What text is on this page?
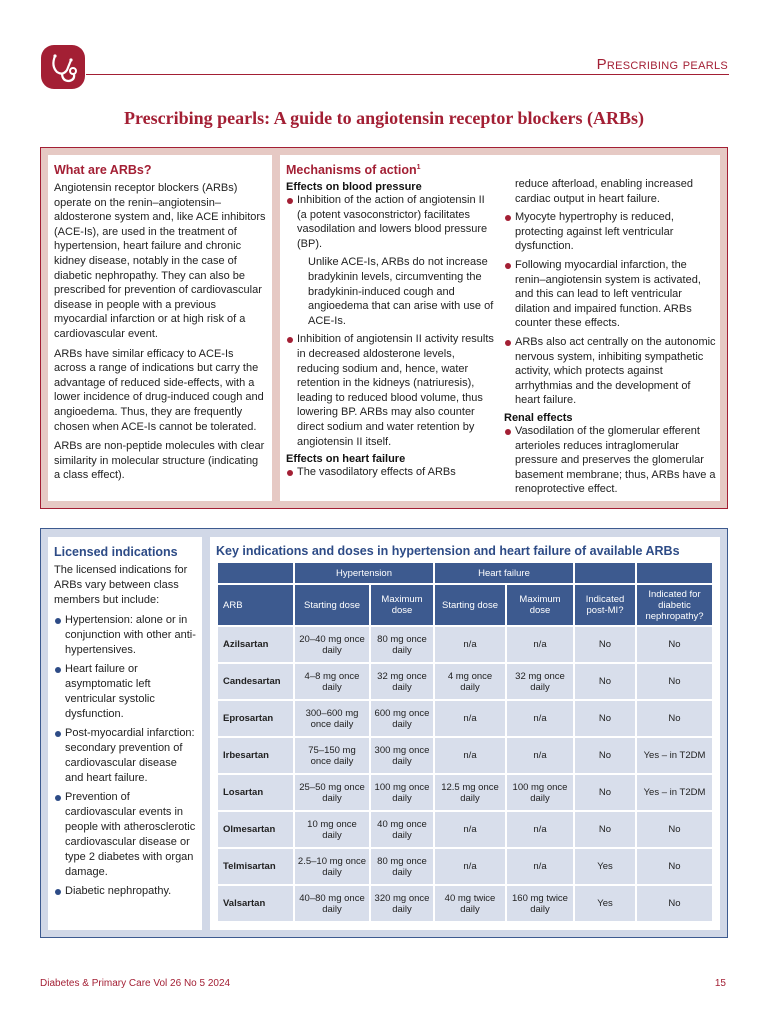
Prescribing pearls
Prescribing pearls: A guide to angiotensin receptor blockers (ARBs)

What are ARBs?

Angiotensin receptor blockers (ARBs) operate on the renin–angiotensin–aldosterone system and, like ACE inhibitors (ACE-Is), are used in the treatment of hypertension, heart failure and chronic kidney disease, notably in the case of diabetic nephropathy. They can also be prescribed for prevention of cardiovascular disease in people with a previous myocardial infarction or at high risk of a cardiovascular event.

ARBs have similar efficacy to ACE-Is across a range of indications but carry the advantage of reduced side-effects, with a lower incidence of drug-induced cough and angioedema. Thus, they are frequently chosen when ACE-Is cannot be tolerated.

ARBs are non-peptide molecules with clear similarity in molecular structure (indicating a class effect).

Mechanisms of action$^1$

Effects on blood pressure

Inhibition of the action of angiotensin II (a potent vasoconstrictor) facilitates vasodilation and lowers blood pressure (BP).

Unlike ACE-Is, ARBs do not increase bradykinin levels, circumventing the bradykinin-induced cough and angioedema that can arise with use of ACE-Is.

Inhibition of angiotensin II activity results in decreased aldosterone levels, reducing sodium and, hence, water retention in the kidneys (natriuresis), leading to reduced blood volume, thus lowering BP. ARBs may also counter direct sodium and water retention by angiotensin II itself.

Effects on heart failure

The vasodilatory effects of ARBs

reduce afterload, enabling increased cardiac output in heart failure.

Myocyte hypertrophy is reduced, protecting against left ventricular dysfunction.

Following myocardial infarction, the renin–angiotensin system is activated, and this can lead to left ventricular dilation and impaired function. ARBs counter these effects.

ARBs also act centrally on the autonomic nervous system, inhibiting sympathetic activity, which protects against arrhythmias and the development of heart failure.

Renal effects

Vasodilation of the glomerular efferent arterioles reduces intraglomerular pressure and preserves the glomerular basement membrane; thus, ARBs have a renoprotective effect.

Licensed indications

The licensed indications for ARBs vary between class members but include:

Hypertension: alone or in conjunction with other anti-hypertensives.

Heart failure or asymptomatic left ventricular systolic dysfunction.

Post-myocardial infarction: secondary prevention of cardiovascular disease and heart failure.

Prevention of cardiovascular events in people with atherosclerotic cardiovascular disease or type 2 diabetes with organ damage.

Diabetic nephropathy.

Key indications and doses in hypertension and heart failure of available ARBs

	Hypertension		Heart failure			
ARB	Starting dose	Maximum dose	Starting dose	Maximum dose	Indicated post-MI?	Indicated for diabetic nephropathy?
Azilsartan	20–40 mg once daily	80 mg once daily	n/a	n/a	No	No
Candesartan	4–8 mg once daily	32 mg once daily	4 mg once daily	32 mg once daily	No	No
Eprosartan	300–600 mg once daily	600 mg once daily	n/a	n/a	No	No
Irbesartan	75–150 mg once daily	300 mg once daily	n/a	n/a	No	Yes – in T2DM
Losartan	25–50 mg once daily	100 mg once daily	12.5 mg once daily	100 mg once daily	No	Yes – in T2DM
Olmesartan	10 mg once daily	40 mg once daily	n/a	n/a	No	No
Telmisartan	2.5–10 mg once daily	80 mg once daily	n/a	n/a	Yes	No
Valsartan	40–80 mg once daily	320 mg once daily	40 mg twice daily	160 mg twice daily	Yes	No
Diabetes & Primary Care Vol 26 No 5 2024	15
